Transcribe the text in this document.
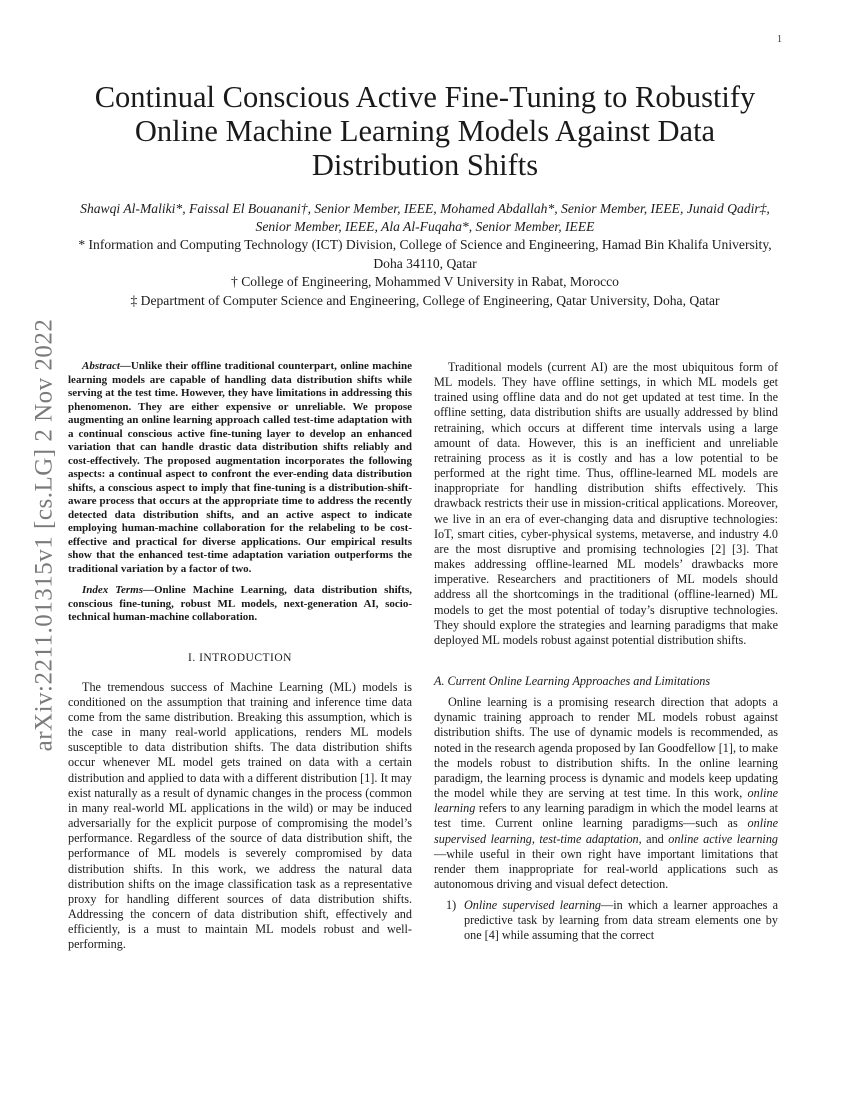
1
arXiv:2211.01315v1 [cs.LG] 2 Nov 2022
Continual Conscious Active Fine-Tuning to Robustify Online Machine Learning Models Against Data Distribution Shifts
Shawqi Al-Maliki*, Faissal El Bouanani†, Senior Member, IEEE, Mohamed Abdallah*, Senior Member, IEEE, Junaid Qadir‡, Senior Member, IEEE, Ala Al-Fuqaha*, Senior Member, IEEE
* Information and Computing Technology (ICT) Division, College of Science and Engineering, Hamad Bin Khalifa University, Doha 34110, Qatar
† College of Engineering, Mohammed V University in Rabat, Morocco
‡ Department of Computer Science and Engineering, College of Engineering, Qatar University, Doha, Qatar

Abstract—Unlike their offline traditional counterpart, online machine learning models are capable of handling data distribution shifts while serving at the test time. However, they have limitations in addressing this phenomenon. They are either expensive or unreliable. We propose augmenting an online learning approach called test-time adaptation with a continual conscious active fine-tuning layer to develop an enhanced variation that can handle drastic data distribution shifts reliably and cost-effectively. The proposed augmentation incorporates the following aspects: a continual aspect to confront the ever-ending data distribution shifts, a conscious aspect to imply that fine-tuning is a distribution-shift-aware process that occurs at the appropriate time to address the recently detected data distribution shifts, and an active aspect to indicate employing human-machine collaboration for the relabeling to be cost-effective and practical for diverse applications. Our empirical results show that the enhanced test-time adaptation variation outperforms the traditional variation by a factor of two.

Index Terms—Online Machine Learning, data distribution shifts, conscious fine-tuning, robust ML models, next-generation AI, socio-technical human-machine collaboration.

I. INTRODUCTION

The tremendous success of Machine Learning (ML) models is conditioned on the assumption that training and inference time data come from the same distribution. Breaking this assumption, which is the case in many real-world applications, renders ML models susceptible to data distribution shifts. The data distribution shifts occur whenever ML model gets trained on data with a certain distribution and applied to data with a different distribution [1]. It may exist naturally as a result of dynamic changes in the process (common in many real-world ML applications in the wild) or may be induced adversarially for the explicit purpose of compromising the model’s performance. Regardless of the source of data distribution shift, the performance of ML models is severely compromised by data distribution shifts. In this work, we address the natural data distribution shifts on the image classification task as a representative proxy for handling different sources of data distribution shifts. Addressing the concern of data distribution shift, effectively and efficiently, is a must to maintain ML models robust and well-performing.

Traditional models (current AI) are the most ubiquitous form of ML models. They have offline settings, in which ML models get trained using offline data and do not get updated at test time. In the offline setting, data distribution shifts are usually addressed by blind retraining, which occurs at different time intervals using a large amount of data. However, this is an inefficient and unreliable retraining process as it is costly and has a low potential to be performed at the right time. Thus, offline-learned ML models are inappropriate for handling distribution shifts effectively. This drawback restricts their use in mission-critical applications. Moreover, we live in an era of ever-changing data and disruptive technologies: IoT, smart cities, cyber-physical systems, metaverse, and industry 4.0 are the most disruptive and promising technologies [2] [3]. That makes addressing offline-learned ML models’ drawbacks more imperative. Researchers and practitioners of ML models should address all the shortcomings in the traditional (offline-learned) ML models to get the most potential of today’s disruptive technologies. They should explore the strategies and learning paradigms that make deployed ML models robust against potential distribution shifts.

A. Current Online Learning Approaches and Limitations

Online learning is a promising research direction that adopts a dynamic training approach to render ML models robust against distribution shifts. The use of dynamic models is recommended, as noted in the research agenda proposed by Ian Goodfellow [1], to make the models robust to distribution shifts. In the online learning paradigm, the learning process is dynamic and models keep updating the model while they are serving at test time. In this work, online learning refers to any learning paradigm in which the model learns at test time. Current online learning paradigms—such as online supervised learning, test-time adaptation, and online active learning—while useful in their own right have important limitations that render them inappropriate for real-world applications such as autonomous driving and visual defect detection.

1) Online supervised learning—in which a learner approaches a predictive task by learning from data stream elements one by one [4] while assuming that the correct
